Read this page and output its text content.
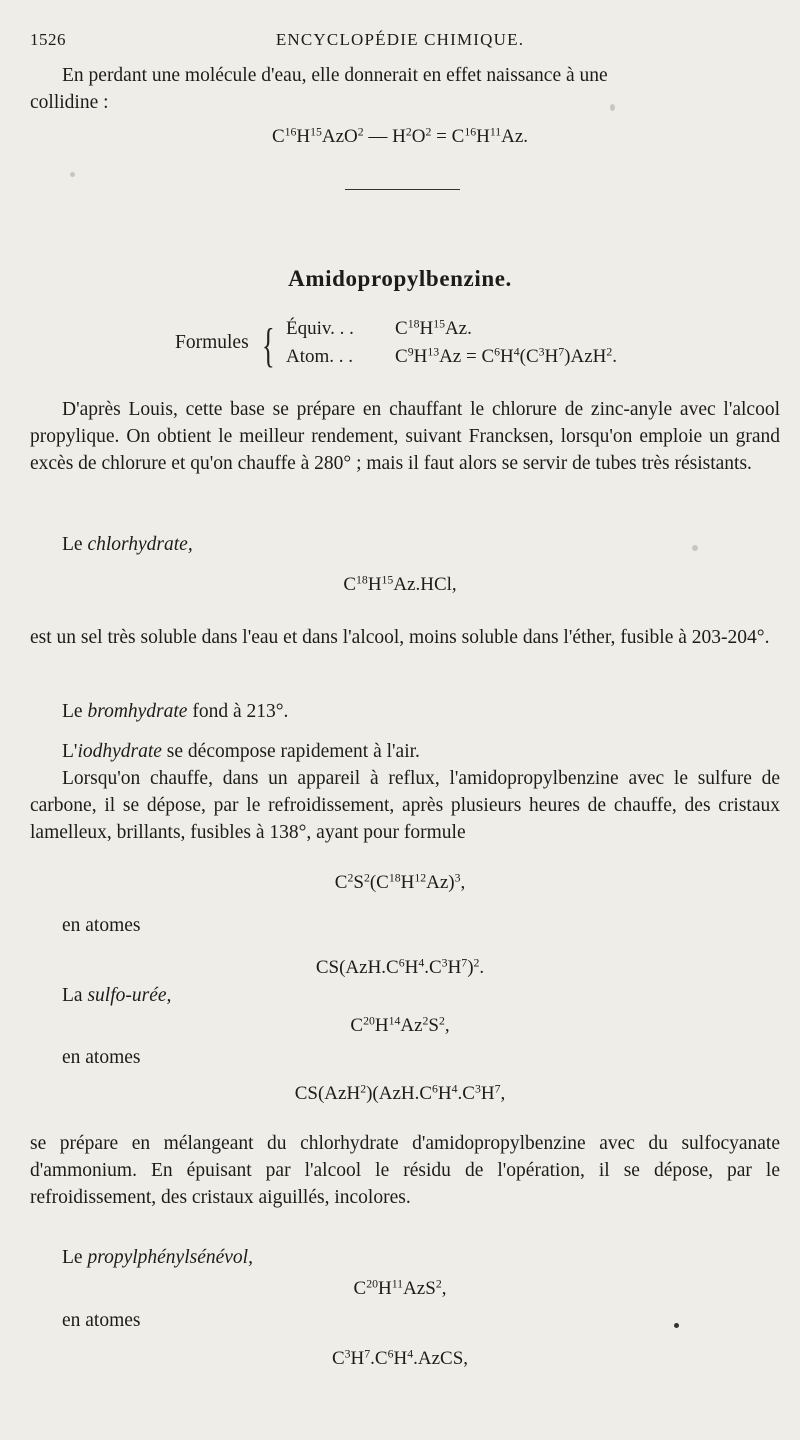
1526	ENCYCLOPÉDIE CHIMIQUE.
En perdant une molécule d'eau, elle donnerait en effet naissance à une
collidine :
$C^{16}H^{15}AzO^2$ — $H^2O^2 = C^{16}H^{11}Az$.
Amidopropylbenzine.
Formules { Équiv. . .
Atom. . .
$C^{18}H^{15}Az$.
$C^9H^{13}Az = C^6H^4(C^3H^7)AzH^2$.
D'après Louis, cette base se prépare en chauffant le chlorure de zinc-anyle avec l'alcool propylique. On obtient le meilleur rendement, suivant Francksen, lorsqu'on emploie un grand excès de chlorure et qu'on chauffe à 280° ; mais il faut alors se servir de tubes très résistants.
Le chlorhydrate,
$C^{18}H^{15}Az.HCl$,
est un sel très soluble dans l'eau et dans l'alcool, moins soluble dans l'éther, fusible à 203-204°.
Le bromhydrate fond à 213°.
L'iodhydrate se décompose rapidement à l'air.
Lorsqu'on chauffe, dans un appareil à reflux, l'amidopropylbenzine avec le sulfure de carbone, il se dépose, par le refroidissement, après plusieurs heures de chauffe, des cristaux lamelleux, brillants, fusibles à 138°, ayant pour formule
$C^2S^2(C^{18}H^{12}Az)^3$,
en atomes
$CS(AzH.C^6H^4.C^3H^7)^2$.
La sulfo-urée,
$C^{20}H^{14}Az^2S^2$,
en atomes
$CS(AzH^2)(AzH.C^6H^4.C^3H^7$,
se prépare en mélangeant du chlorhydrate d'amidopropylbenzine avec du sulfocyanate d'ammonium. En épuisant par l'alcool le résidu de l'opération, il se dépose, par le refroidissement, des cristaux aiguillés, incolores.
Le propylphénylsénévol,
$C^{20}H^{11}AzS^2$,
en atomes
$C^3H^7.C^6H^4.AzCS$,
